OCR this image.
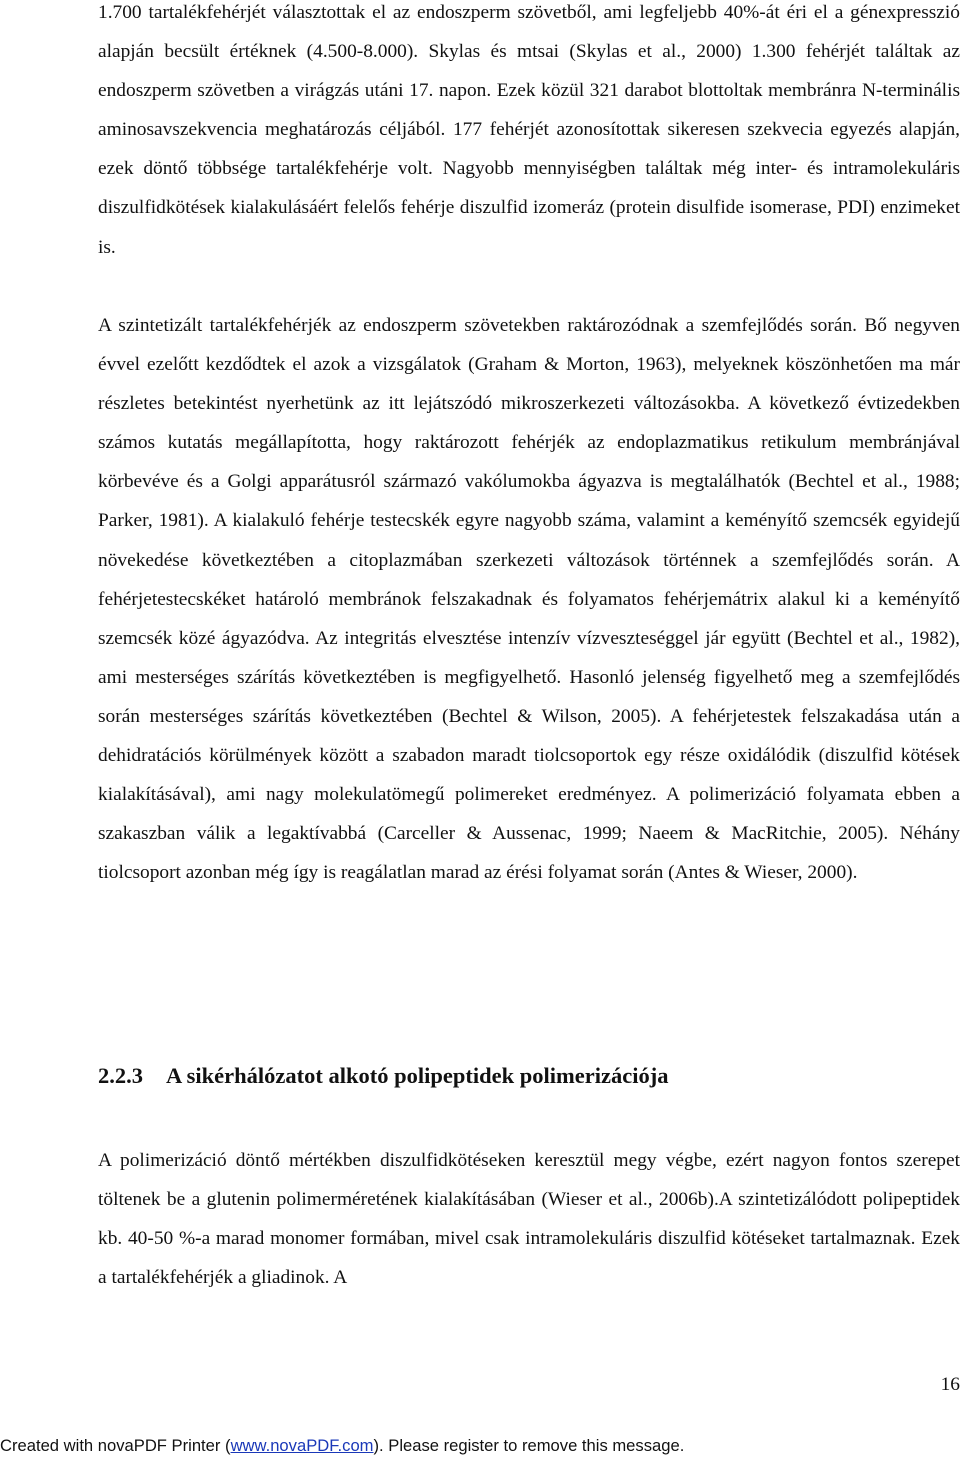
1.700 tartalékfehérjét választottak el az endoszperm szövetből, ami legfeljebb 40%-át éri el a génexpresszió alapján becsült értéknek (4.500-8.000). Skylas és mtsai (Skylas et al., 2000) 1.300 fehérjét találtak az endoszperm szövetben a virágzás utáni 17. napon. Ezek közül 321 darabot blottoltak membránra N-terminális aminosavszekvencia meghatározás céljából. 177 fehérjét azonosítottak sikeresen szekvecia egyezés alapján, ezek döntő többsége tartalékfehérje volt. Nagyobb mennyiségben találtak még inter- és intramolekuláris diszulfidkötések kialakulásáért felelős fehérje diszulfid izomeráz (protein disulfide isomerase, PDI) enzimeket is.

A szintetizált tartalékfehérjék az endoszperm szövetekben raktározódnak a szemfejlődés során. Bő negyven évvel ezelőtt kezdődtek el azok a vizsgálatok (Graham & Morton, 1963), melyeknek köszönhetően ma már részletes betekintést nyerhetünk az itt lejátszódó mikroszerkezeti változásokba. A következő évtizedekben számos kutatás megállapította, hogy raktározott fehérjék az endoplazmatikus retikulum membránjával körbevéve és a Golgi apparátusról származó vakólumokba ágyazva is megtalálhatók (Bechtel et al., 1988; Parker, 1981). A kialakuló fehérje testecskék egyre nagyobb száma, valamint a keményítő szemcsék egyidejű növekedése következtében a citoplazmában szerkezeti változások történnek a szemfejlődés során. A fehérjetestecskéket határoló membránok felszakadnak és folyamatos fehérjemátrix alakul ki a keményítő szemcsék közé ágyazódva. Az integritás elvesztése intenzív vízveszteséggel jár együtt (Bechtel et al., 1982), ami mesterséges szárítás következtében is megfigyelhető. Hasonló jelenség figyelhető meg a szemfejlődés során mesterséges szárítás következtében (Bechtel & Wilson, 2005). A fehérjetestek felszakadása után a dehidratációs körülmények között a szabadon maradt tiolcsoportok egy része oxidálódik (diszulfid kötések kialakításával), ami nagy molekulatömegű polimereket eredményez. A polimerizáció folyamata ebben a szakaszban válik a legaktívabbá (Carceller & Aussenac, 1999; Naeem & MacRitchie, 2005). Néhány tiolcsoport azonban még így is reagálatlan marad az érési folyamat során (Antes & Wieser, 2000).

2.2.3 A sikérhálózatot alkotó polipeptidek polimerizációja

A polimerizáció döntő mértékben diszulfidkötéseken keresztül megy végbe, ezért nagyon fontos szerepet töltenek be a glutenin polimerméretének kialakításában (Wieser et al., 2006b).A szintetizálódott polipeptidek kb. 40-50 %-a marad monomer formában, mivel csak intramolekuláris diszulfid kötéseket tartalmaznak. Ezek a tartalékfehérjék a gliadinok. A

16
Created with novaPDF Printer (www.novaPDF.com). Please register to remove this message.
